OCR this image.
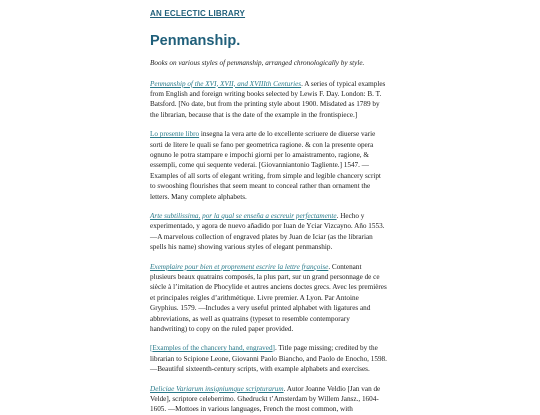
AN ECLECTIC LIBRARY
Penmanship.

Books on various styles of penmanship, arranged chronologically by style.

Penmanship of the XVI, XVII, and XVIIIth Centuries. A series of typical examples from English and foreign writing books selected by Lewis F. Day. London: B. T. Batsford. [No date, but from the printing style about 1900. Misdated as 1789 by the librarian, because that is the date of the example in the frontispiece.]

Lo presente libro insegna la vera arte de lo excellente scriuere de diuerse varie sorti de litere le quali se fano per geometrica ragione. & con la presente opera ognuno le potra stampare e impochi giorni per lo amaistramento, ragione, & essempli, come qui sequente vederai. [Giovanniantonio Tagliente.] 1547. —Examples of all sorts of elegant writing, from simple and legible chancery script to swooshing flourishes that seem meant to conceal rather than ornament the letters. Many complete alphabets.

Arte subtilissima, por la qual se enseña a escreuir perfectamente. Hecho y experimentado, y agora de nuevo añadido por Iuan de Yciar Vizcayno. Año 1553. —A marvelous collection of engraved plates by Juan de Iciar (as the librarian spells his name) showing various styles of elegant penmanship.

Exemplaire pour bien et proprement escrire la lettre françoise. Contenant plusieurs beaux quatrains composés, la plus part, sur un grand personnage de ce siècle à l’imitation de Phocylide et autres anciens doctes grecs. Avec les premières et principales reigles d’arithmétique. Livre premier. A Lyon. Par Antoine Gryphius. 1579. —Includes a very useful printed alphabet with ligatures and abbreviations, as well as quatrains (typeset to resemble contemporary handwriting) to copy on the ruled paper provided.

[Examples of the chancery hand, engraved]. Title page missing; credited by the librarian to Scipione Leone, Giovanni Paolo Biancho, and Paolo de Enocho, 1598. —Beautiful sixteenth-century scripts, with example alphabets and exercises.

Deliciae Variarum insigniumque scripturarum. Autor Joanne Veldio [Jan van de Velde], scriptore celeberrimo. Ghedruckt t’Amsterdam by Willem Jansz., 1604-1605. —Mottoes in various languages, French the most common, with
